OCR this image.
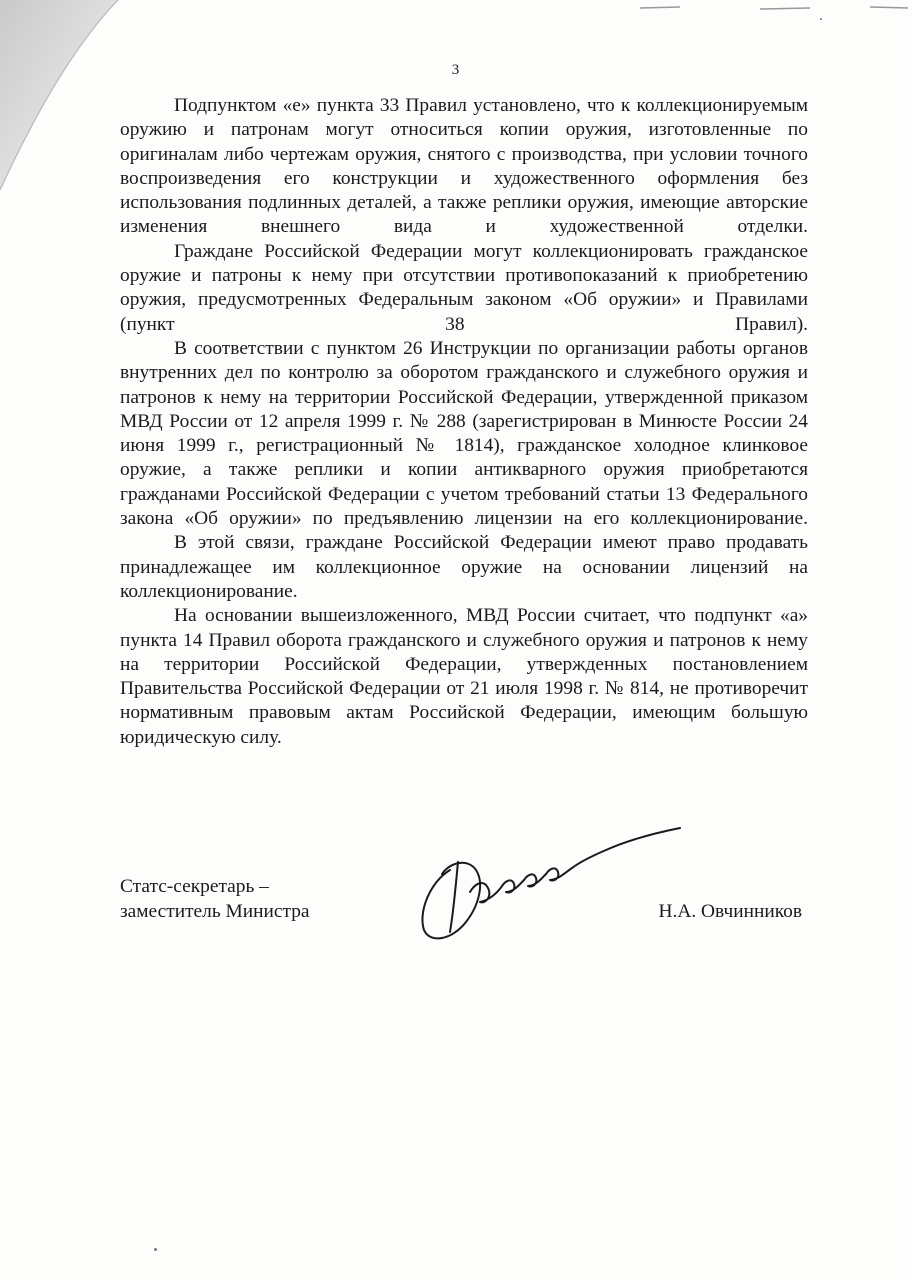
3

Подпунктом «е» пункта 33 Правил установлено, что к коллекционируемым оружию и патронам могут относиться копии оружия, изготовленные по оригиналам либо чертежам оружия, снятого с производства, при условии точного воспроизведения его конструкции и художественного оформления без использования подлинных деталей, а также реплики оружия, имеющие авторские изменения внешнего вида и художественной отделки.

Граждане Российской Федерации могут коллекционировать гражданское оружие и патроны к нему при отсутствии противопоказаний к приобретению оружия, предусмотренных Федеральным законом «Об оружии» и Правилами (пункт 38 Правил).

В соответствии с пунктом 26 Инструкции по организации работы органов внутренних дел по контролю за оборотом гражданского и служебного оружия и патронов к нему на территории Российской Федерации, утвержденной приказом МВД России от 12 апреля 1999 г. № 288 (зарегистрирован в Минюсте России 24 июня 1999 г., регистрационный № 1814), гражданское холодное клинковое оружие, а также реплики и копии антикварного оружия приобретаются гражданами Российской Федерации с учетом требований статьи 13 Федерального закона «Об оружии» по предъявлению лицензии на его коллекционирование.

В этой связи, граждане Российской Федерации имеют право продавать принадлежащее им коллекционное оружие на основании лицензий на коллекционирование.

На основании вышеизложенного, МВД России считает, что подпункт «а» пункта 14 Правил оборота гражданского и служебного оружия и патронов к нему на территории Российской Федерации, утвержденных постановлением Правительства Российской Федерации от 21 июля 1998 г. № 814, не противоречит нормативным правовым актам Российской Федерации, имеющим большую юридическую силу.

Статс-секретарь –
заместитель Министра	Н.А. Овчинников
